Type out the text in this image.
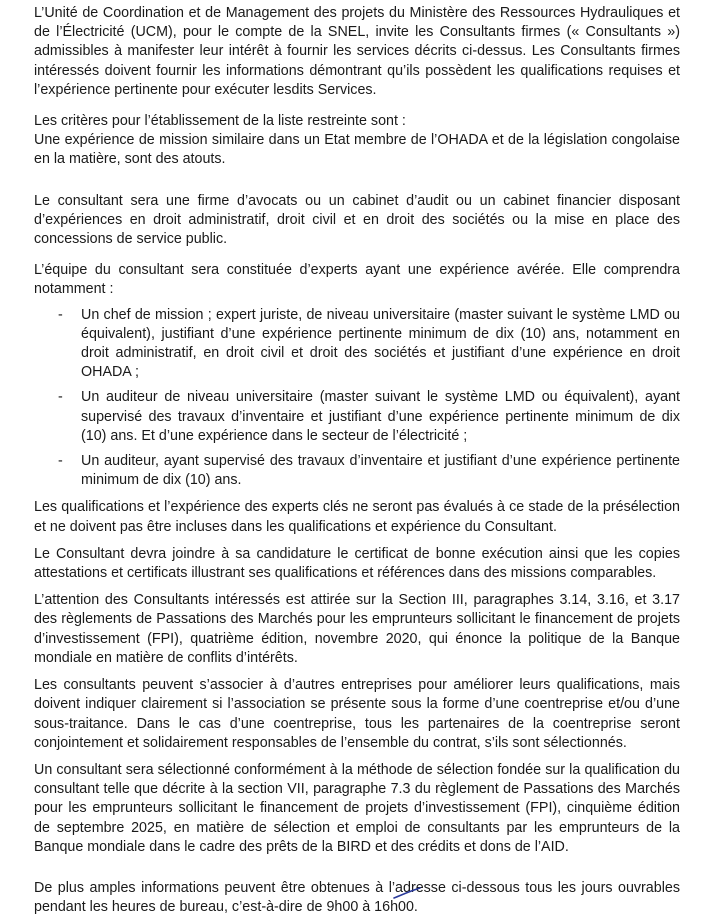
L’Unité de Coordination et de Management des projets du Ministère des Ressources Hydrauliques et de l’Électricité (UCM), pour le compte de la SNEL, invite les Consultants firmes (« Consultants ») admissibles à manifester leur intérêt à fournir les services décrits ci-dessus. Les Consultants firmes intéressés doivent fournir les informations démontrant qu’ils possèdent les qualifications requises et l’expérience pertinente pour exécuter lesdits Services.

Les critères pour l’établissement de la liste restreinte sont :

Une expérience de mission similaire dans un Etat membre de l’OHADA et de la législation congolaise en la matière, sont des atouts.

Le consultant sera une firme d’avocats ou un cabinet d’audit ou un cabinet financier disposant d’expériences en droit administratif, droit civil et en droit des sociétés ou la mise en place des concessions de service public.

L’équipe du consultant sera constituée d’experts ayant une expérience avérée. Elle comprendra notamment :

- Un chef de mission ; expert juriste, de niveau universitaire (master suivant le système LMD ou équivalent), justifiant d’une expérience pertinente minimum de dix (10) ans, notamment en droit administratif, en droit civil et droit des sociétés et justifiant d’une expérience en droit OHADA ;
- Un auditeur de niveau universitaire (master suivant le système LMD ou équivalent), ayant supervisé des travaux d’inventaire et justifiant d’une expérience pertinente minimum de dix (10) ans. Et d’une expérience dans le secteur de l’électricité ;
- Un auditeur, ayant supervisé des travaux d’inventaire et justifiant d’une expérience pertinente minimum de dix (10) ans.

Les qualifications et l’expérience des experts clés ne seront pas évalués à ce stade de la présélection et ne doivent pas être incluses dans les qualifications et expérience du Consultant.

Le Consultant devra joindre à sa candidature le certificat de bonne exécution ainsi que les copies attestations et certificats illustrant ses qualifications et références dans des missions comparables.

L’attention des Consultants intéressés est attirée sur la Section III, paragraphes 3.14, 3.16, et 3.17 des règlements de Passations des Marchés pour les emprunteurs sollicitant le financement de projets d’investissement (FPI), quatrième édition, novembre 2020, qui énonce la politique de la Banque mondiale en matière de conflits d’intérêts.

Les consultants peuvent s’associer à d’autres entreprises pour améliorer leurs qualifications, mais doivent indiquer clairement si l’association se présente sous la forme d’une coentreprise et/ou d’une sous-traitance. Dans le cas d’une coentreprise, tous les partenaires de la coentreprise seront conjointement et solidairement responsables de l’ensemble du contrat, s’ils sont sélectionnés.

Un consultant sera sélectionné conformément à la méthode de sélection fondée sur la qualification du consultant telle que décrite à la section VII, paragraphe 7.3 du règlement de Passations des Marchés pour les emprunteurs sollicitant le financement de projets d’investissement (FPI), cinquième édition de septembre 2025, en matière de sélection et emploi de consultants par les emprunteurs de la Banque mondiale dans le cadre des prêts de la BIRD et des crédits et dons de l’AID.

De plus amples informations peuvent être obtenues à l’adresse ci-dessous tous les jours ouvrables pendant les heures de bureau, c’est-à-dire de 9h00 à 16h00.
